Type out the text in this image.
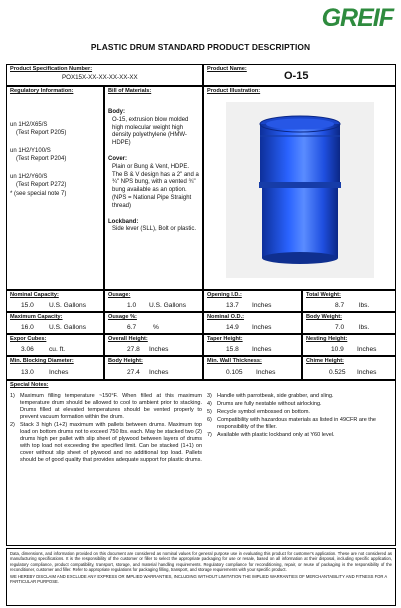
GREIF
PLASTIC DRUM STANDARD PRODUCT DESCRIPTION
Product Specification Number:
POX15X-XX-XX-XX-XX-XX
Product Name:
O-15
Regulatory Information:
un 1H2/X65/S
(Test Report P205)
un 1H2/Y100/S
(Test Report P204)
un 1H2/Y60/S
(Test Report P272)
* (see special note 7)
Bill of Materials:
Body:
O-15, extrusion blow molded high molecular weight high density polyethylene (HMW-HDPE)
Cover:
Plain or Bung & Vent, HDPE. The B & V design has a 2" and a ¾" NPS bung, with a vented ¾" bung available as an option. (NPS = National Pipe Straight thread)
Lockband:
Side lever (SLL), Bolt or plastic.
Product Illustration:
Nominal Capacity:
15.0 U.S. Gallons
Ousage:
1.0 U.S. Gallons
Opening I.D.:
13.7 Inches
Total Weight:
8.7 lbs.
Maximum Capacity:
16.0 U.S. Gallons
Ousage %:
6.7	%
Nominal O.D.:
14.9 Inches
Body Weight:
7.0 lbs.
Expor Cubes:
3.06 cu. ft.
Overall Height:
27.8 Inches
Taper Height:
15.8 Inches
Nesting Height:
10.9 Inches
Min. Blocking Diameter:
13.0 Inches
Body Height:
27.4 Inches
Min. Wall Thickness:
0.105 Inches
Chime Height:
0.525 Inches
Special Notes:
1) Maximum filling temperature ~150°F. When filled at this maximum temperature drum should be allowed to cool to ambient prior to stacking. Drums filled at elevated temperatures should be vented properly to prevent vacuum formation within the drum.
2) Stack 3 high (1+2) maximum with pallets between drums. Maximum top load on bottom drums not to exceed 750 lbs. each. May be stacked two (2) drums high per pallet with slip sheet of plywood between layers of drums with top load not exceeding the specified limit. Can be stacked (1+1) on cover without slip sheet of plywood and no additional top load. Pallets should be of good quality that provides adequate support for plastic drums.
3) Handle with parrotbeak, side grabber, and sling.
4) Drums are fully nestable without airlocking.
5) Recycle symbol embossed on bottom.
6) Compatibility with hazardous materials as listed in 49CFR are the responsibility of the filler.
7) Available with plastic lockband only at Y60 level.
Data, dimensions, and information provided on this document are considered as nominal values for general purpose use in evaluating this product for customer's application. These are not considered as manufacturing specifications. It is the responsibility of the customer or filler to select the appropriate packaging for use or resale, based on all information at their disposal, including specific application, regulatory compliance, product compatibility, transport, storage, and material handling requirements. Regulatory compliance for reconditioning, repair, or reuse of packaging is the responsibility of the reconditioner, customer and filler. Refer to appropriate regulations for packaging filling, transport, and storage requirements with your specific product.
WE HEREBY DISCLAIM AND EXCLUDE ANY EXPRESS OR IMPLIED WARRANTIES, INCLUDING WITHOUT LIMITATION THE IMPLIED WARRANTIES OF MERCHANTABILITY AND FITNESS FOR A PARTICULAR PURPOSE.
